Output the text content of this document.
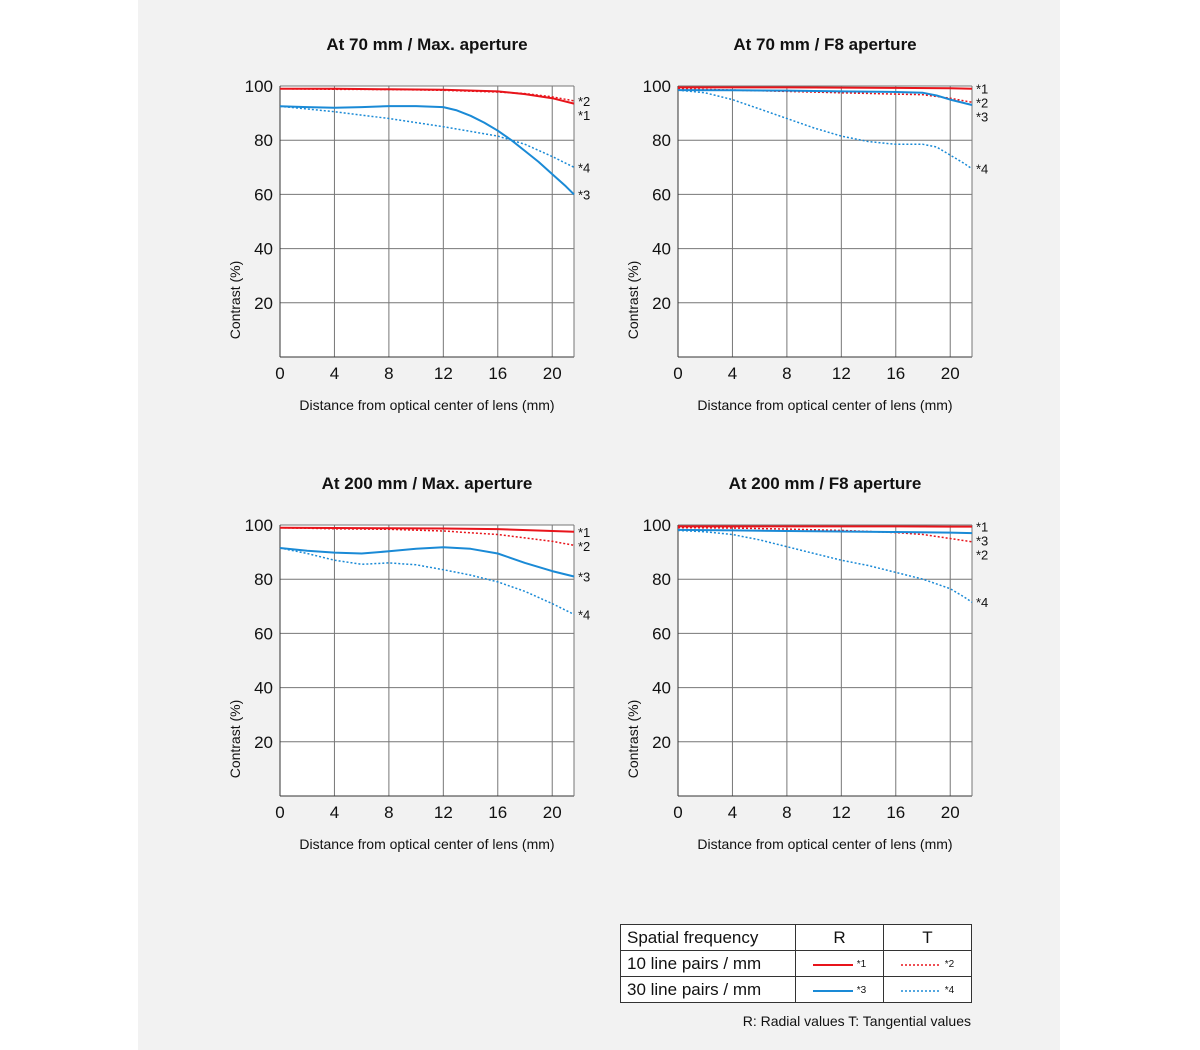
At 70 mm / Max. aperture
20
40
60
80
100
0	4	8 12 16 20
Distance from optical center of lens (mm)
Contrast (%)
*2
*1
*4
*3
At 70 mm / F8 aperture
20
40
60
80
100
0	4	8 12 16 20
Distance from optical center of lens (mm)
Contrast (%)
*1
*2
*3
*4
At 200 mm / Max. aperture
20
40
60
80
100
0	4	8 12 16 20
Distance from optical center of lens (mm)
Contrast (%)
*1
*2
*3
*4
At 200 mm / F8 aperture
20
40
60
80
100
0	4	8 12 16 20
Distance from optical center of lens (mm)
Contrast (%)
*1
*3
*2
*4
Spatial frequency	R	T
10 line pairs / mm	*1	*2

30 line pairs / mm	*3	*4
R: Radial values T: Tangential values
